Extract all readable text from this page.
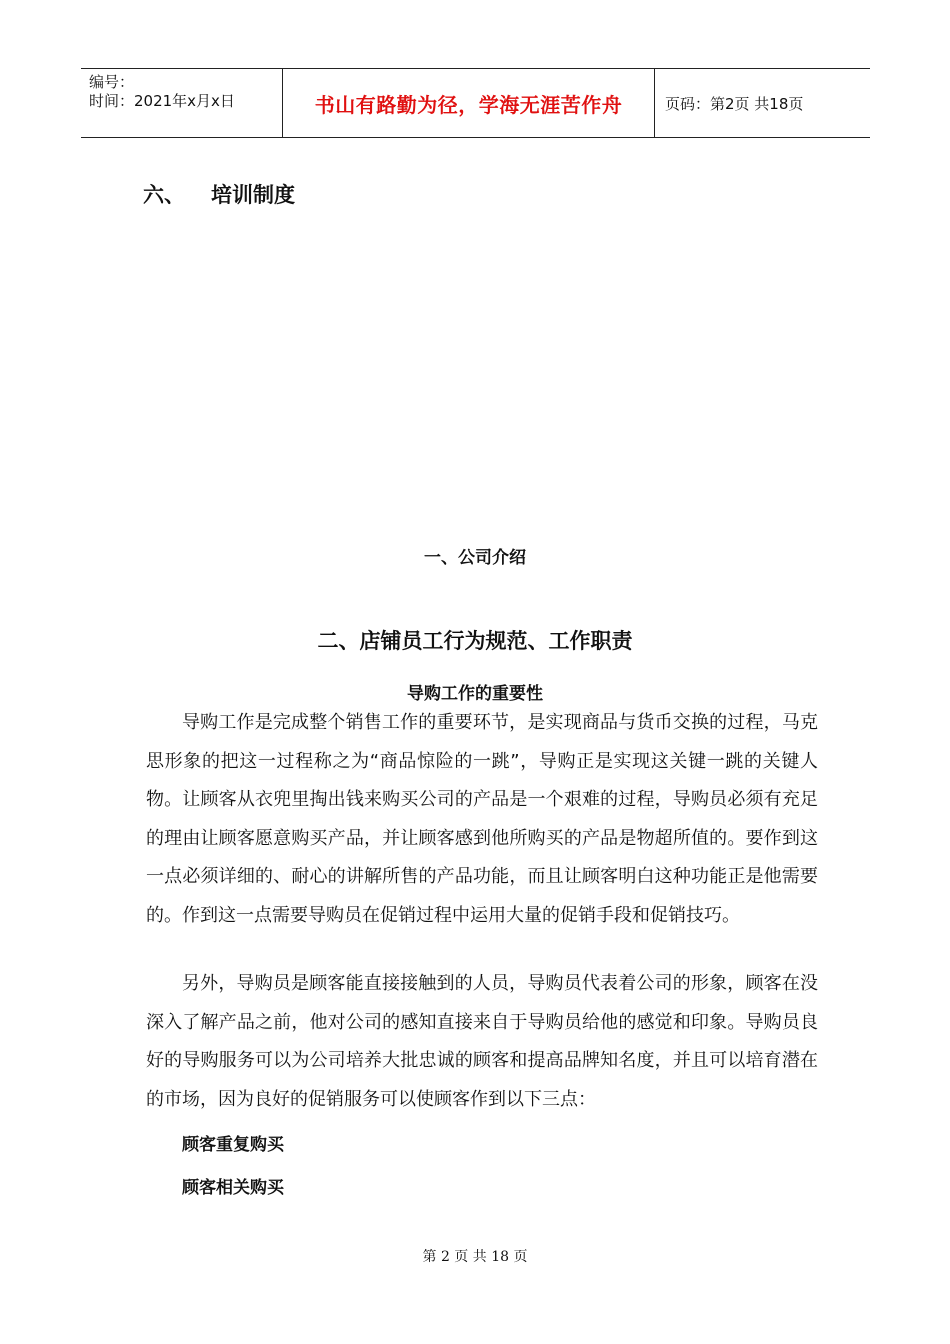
编号：
时间：2021年x月x日	书山有路勤为径，学海无涯苦作舟	页码：第2页 共18页
六、 培训制度
一、公司介绍
二、店铺员工行为规范、工作职责
导购工作的重要性

导购工作是完成整个销售工作的重要环节，是实现商品与货币交换的过程，马克思形象的把这一过程称之为“商品惊险的一跳”，导购正是实现这关键一跳的关键人物。让顾客从衣兜里掏出钱来购买公司的产品是一个艰难的过程，导购员必须有充足的理由让顾客愿意购买产品，并让顾客感到他所购买的产品是物超所值的。要作到这一点必须详细的、耐心的讲解所售的产品功能，而且让顾客明白这种功能正是他需要的。作到这一点需要导购员在促销过程中运用大量的促销手段和促销技巧。

另外，导购员是顾客能直接接触到的人员，导购员代表着公司的形象，顾客在没深入了解产品之前，他对公司的感知直接来自于导购员给他的感觉和印象。导购员良好的导购服务可以为公司培养大批忠诚的顾客和提高品牌知名度，并且可以培育潜在的市场，因为良好的促销服务可以使顾客作到以下三点：

顾客重复购买
顾客相关购买
第 2 页 共 18 页
